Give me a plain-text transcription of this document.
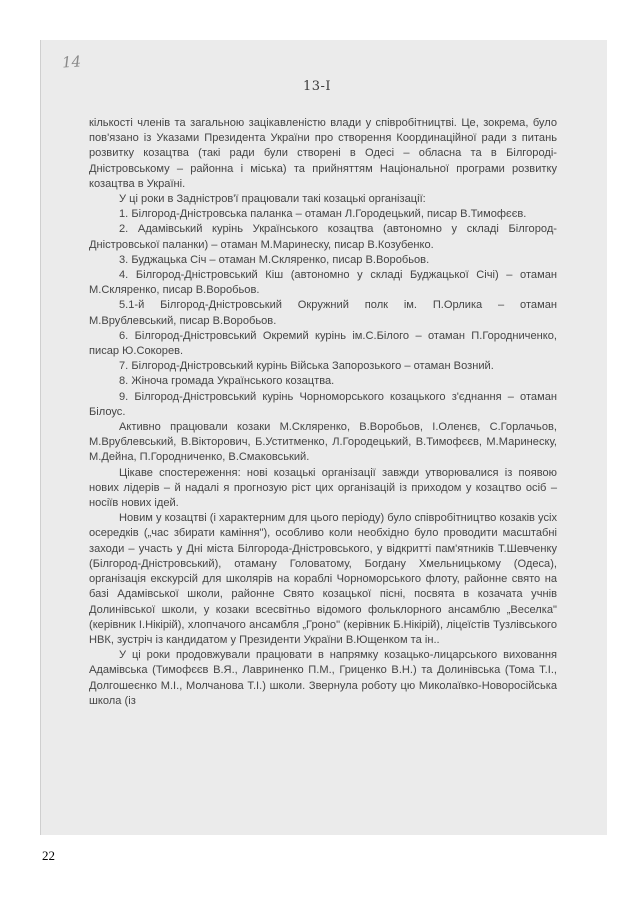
14
13-I

кількості членів та загальною зацікавленістю влади у співробітництві. Це, зокрема, було пов'язано із Указами Президента України про створення Координаційної ради з питань розвитку козацтва (такі ради були створені в Одесі – обласна та в Білгороді-Дністровському – районна і міська) та прийняттям Національної програми розвитку козацтва в Україні.

У ці роки в Задністров'ї працювали такі козацькі організації:

1. Білгород-Дністровська паланка – отаман Л.Городецький, писар В.Тимофєєв.

2. Адамівський курінь Українського козацтва (автономно у складі Білгород-Дністровської паланки) – отаман М.Маринеску, писар В.Козубенко.

3. Буджацька Січ – отаман М.Скляренко, писар В.Воробьов.

4. Білгород-Дністровський Кіш (автономно у складі Буджацької Січі) – отаман М.Скляренко, писар В.Воробьов.

5.1-й Білгород-Дністровський Окружний полк ім. П.Орлика – отаман М.Врублевський, писар В.Воробьов.

6. Білгород-Дністровський Окремий курінь ім.С.Білого – отаман П.Городниченко, писар Ю.Сокорев.

7. Білгород-Дністровський курінь Війська Запорозького – отаман Возний.

8. Жіноча громада Українського козацтва.

9. Білгород-Дністровський курінь Чорноморського козацького з'єднання – отаман Білоус.

Активно працювали козаки М.Скляренко, В.Воробьов, І.Оленєв, С.Горлачьов, М.Врублевський, В.Вікторович, Б.Уститменко, Л.Городецький, В.Тимофєєв, М.Маринеску, М.Дейна, П.Городниченко, В.Смаковський.

Цікаве спостереження: нові козацькі організації завжди утворювалися із появою нових лідерів – й надалі я прогнозую ріст цих організацій із приходом у козацтво осіб – носіїв нових ідей.

Новим у козацтві (і характерним для цього періоду) було співробітництво козаків усіх осередків („час збирати каміння"), особливо коли необхідно було проводити масштабні заходи – участь у Дні міста Білгорода-Дністровського, у відкритті пам'ятників Т.Шевченку (Білгород-Дністровський), отаману Головатому, Богдану Хмельницькому (Одеса), організація екскурсій для школярів на кораблі Чорноморського флоту, районне свято на базі Адамівської школи, районне Свято козацької пісні, посвята в козачата учнів Долинівської школи, у козаки всесвітньо відомого фольклорного ансамблю „Веселка" (керівник І.Нікірій), хлопчачого ансамбля „Гроно" (керівник Б.Нікірій), ліцеїстів Тузлівського НВК, зустріч із кандидатом у Президенти України В.Ющенком та ін..

У ці роки продовжували працювати в напрямку козацько-лицарського виховання Адамівська (Тимофєєв В.Я., Лавриненко П.М., Гриценко В.Н.) та Долинівська (Тома Т.І., Долгошеєнко М.І., Молчанова Т.І.) школи. Звернула роботу цю Миколаївко-Новоросійська школа (із

22
